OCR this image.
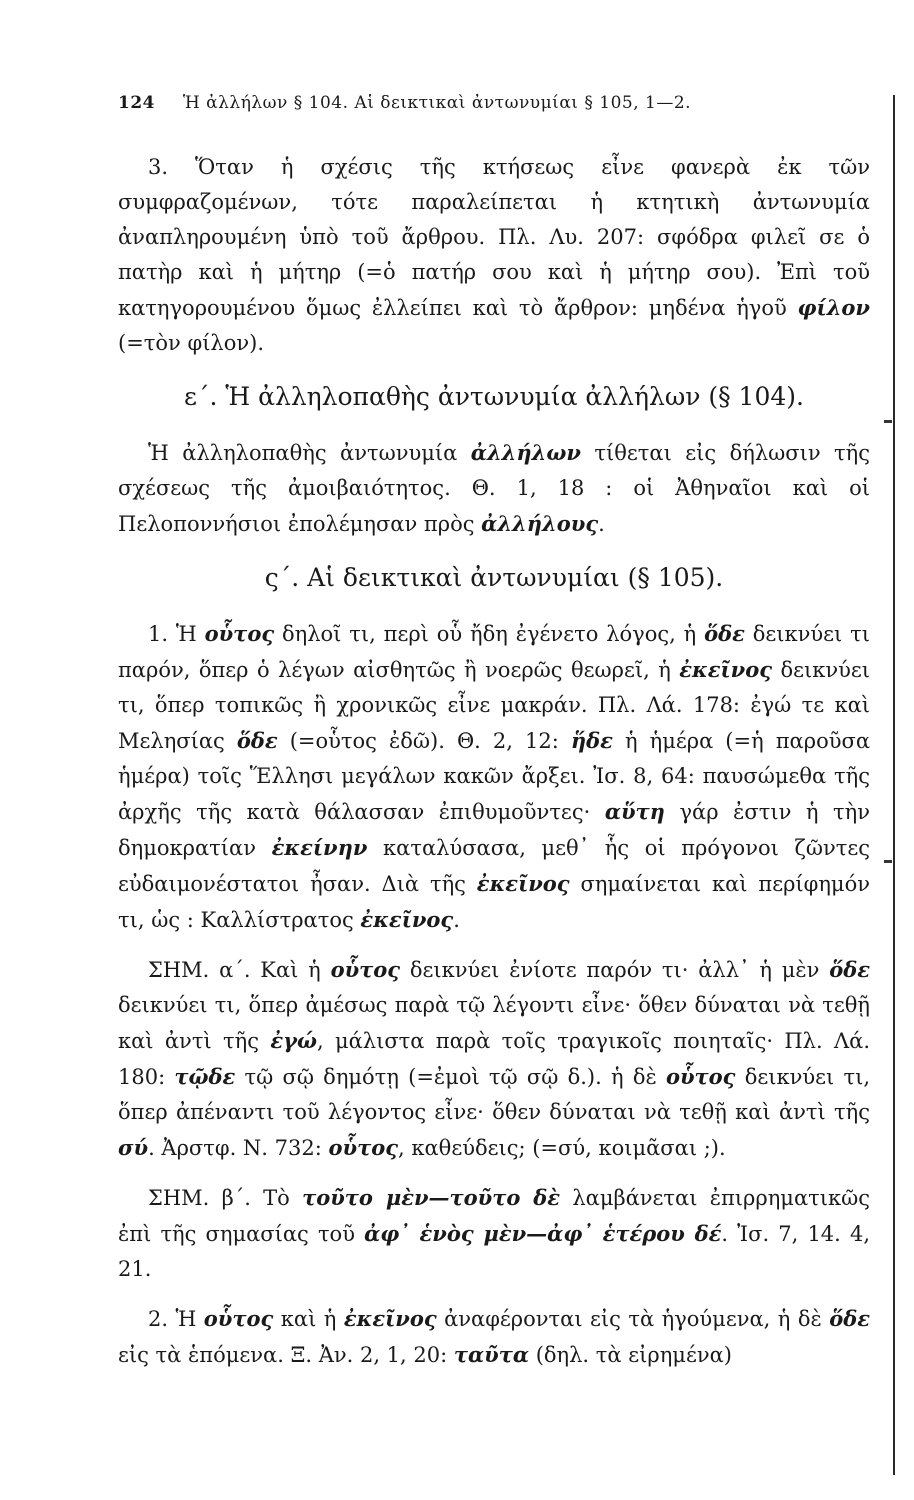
124 Ἡ ἀλλήλων § 104. Αἱ δεικτικαὶ ἀντωνυμίαι § 105, 1—2.

3. Ὅταν ἡ σχέσις τῆς κτήσεως εἶνε φανερὰ ἐκ τῶν συμφραζομένων, τότε παραλείπεται ἡ κτητικὴ ἀντωνυμία ἀναπληρουμένη ὑπὸ τοῦ ἄρθρου. Πλ. Λυ. 207: σφόδρα φιλεῖ σε ὁ πατὴρ καὶ ἡ μήτηρ (=ὁ πατήρ σου καὶ ἡ μήτηρ σου). Ἐπὶ τοῦ κατηγορουμένου ὅμως ἐλλείπει καὶ τὸ ἄρθρον: μηδένα ἡγοῦ φίλον (=τὸν φίλον).

ε΄. Ἡ ἀλληλοπαθὴς ἀντωνυμία ἀλλήλων (§ 104).

Ἡ ἀλληλοπαθὴς ἀντωνυμία ἀλλήλων τίθεται εἰς δήλωσιν τῆς σχέσεως τῆς ἀμοιβαιότητος. Θ. 1, 18 : οἱ Ἀθηναῖοι καὶ οἱ Πελοποννήσιοι ἐπολέμησαν πρὸς ἀλλήλους.

ς΄. Αἱ δεικτικαὶ ἀντωνυμίαι (§ 105).

1. Ἡ οὗτος δηλοῖ τι, περὶ οὗ ἤδη ἐγένετο λόγος, ἡ ὅδε δεικνύει τι παρόν, ὅπερ ὁ λέγων αἰσθητῶς ἢ νοερῶς θεωρεῖ, ἡ ἐκεῖνος δεικνύει τι, ὅπερ τοπικῶς ἢ χρονικῶς εἶνε μακράν. Πλ. Λά. 178: ἐγώ τε καὶ Μελησίας ὅδε (=οὗτος ἐδῶ). Θ. 2, 12: ἥδε ἡ ἡμέρα (=ἡ παροῦσα ἡμέρα) τοῖς Ἕλλησι μεγάλων κακῶν ἄρξει. Ἰσ. 8, 64: παυσώμεθα τῆς ἀρχῆς τῆς κατὰ θάλασσαν ἐπιθυμοῦντες· αὕτη γάρ ἐστιν ἡ τὴν δημοκρατίαν ἐκείνην καταλύσασα, μεθ᾽ ἧς οἱ πρόγονοι ζῶντες εὐδαιμονέστατοι ἦσαν. Διὰ τῆς ἐκεῖνος σημαίνεται καὶ περίφημόν τι, ὡς : Καλλίστρατος ἐκεῖνος.

ΣΗΜ. α΄. Καὶ ἡ οὗτος δεικνύει ἐνίοτε παρόν τι· ἀλλ᾽ ἡ μὲν ὅδε δεικνύει τι, ὅπερ ἀμέσως παρὰ τῷ λέγοντι εἶνε· ὅθεν δύναται νὰ τεθῇ καὶ ἀντὶ τῆς ἐγώ, μάλιστα παρὰ τοῖς τραγικοῖς ποιηταῖς· Πλ. Λά. 180: τῷδε τῷ σῷ δημότῃ (=ἐμοὶ τῷ σῷ δ.). ἡ δὲ οὗτος δεικνύει τι, ὅπερ ἀπέναντι τοῦ λέγοντος εἶνε· ὅθεν δύναται νὰ τεθῇ καὶ ἀντὶ τῆς σύ. Ἀρστφ. Ν. 732: οὗτος, καθεύδεις; (=σύ, κοιμᾶσαι ;).

ΣΗΜ. β΄. Τὸ τοῦτο μὲν—τοῦτο δὲ λαμβάνεται ἐπιρρηματικῶς ἐπὶ τῆς σημασίας τοῦ ἀφ᾽ ἑνὸς μὲν—ἀφ᾽ ἑτέρου δέ. Ἰσ. 7, 14. 4, 21.

2. Ἡ οὗτος καὶ ἡ ἐκεῖνος ἀναφέρονται εἰς τὰ ἡγούμενα, ἡ δὲ ὅδε εἰς τὰ ἑπόμενα. Ξ. Ἀν. 2, 1, 20: ταῦτα (δηλ. τὰ εἰρημένα)
